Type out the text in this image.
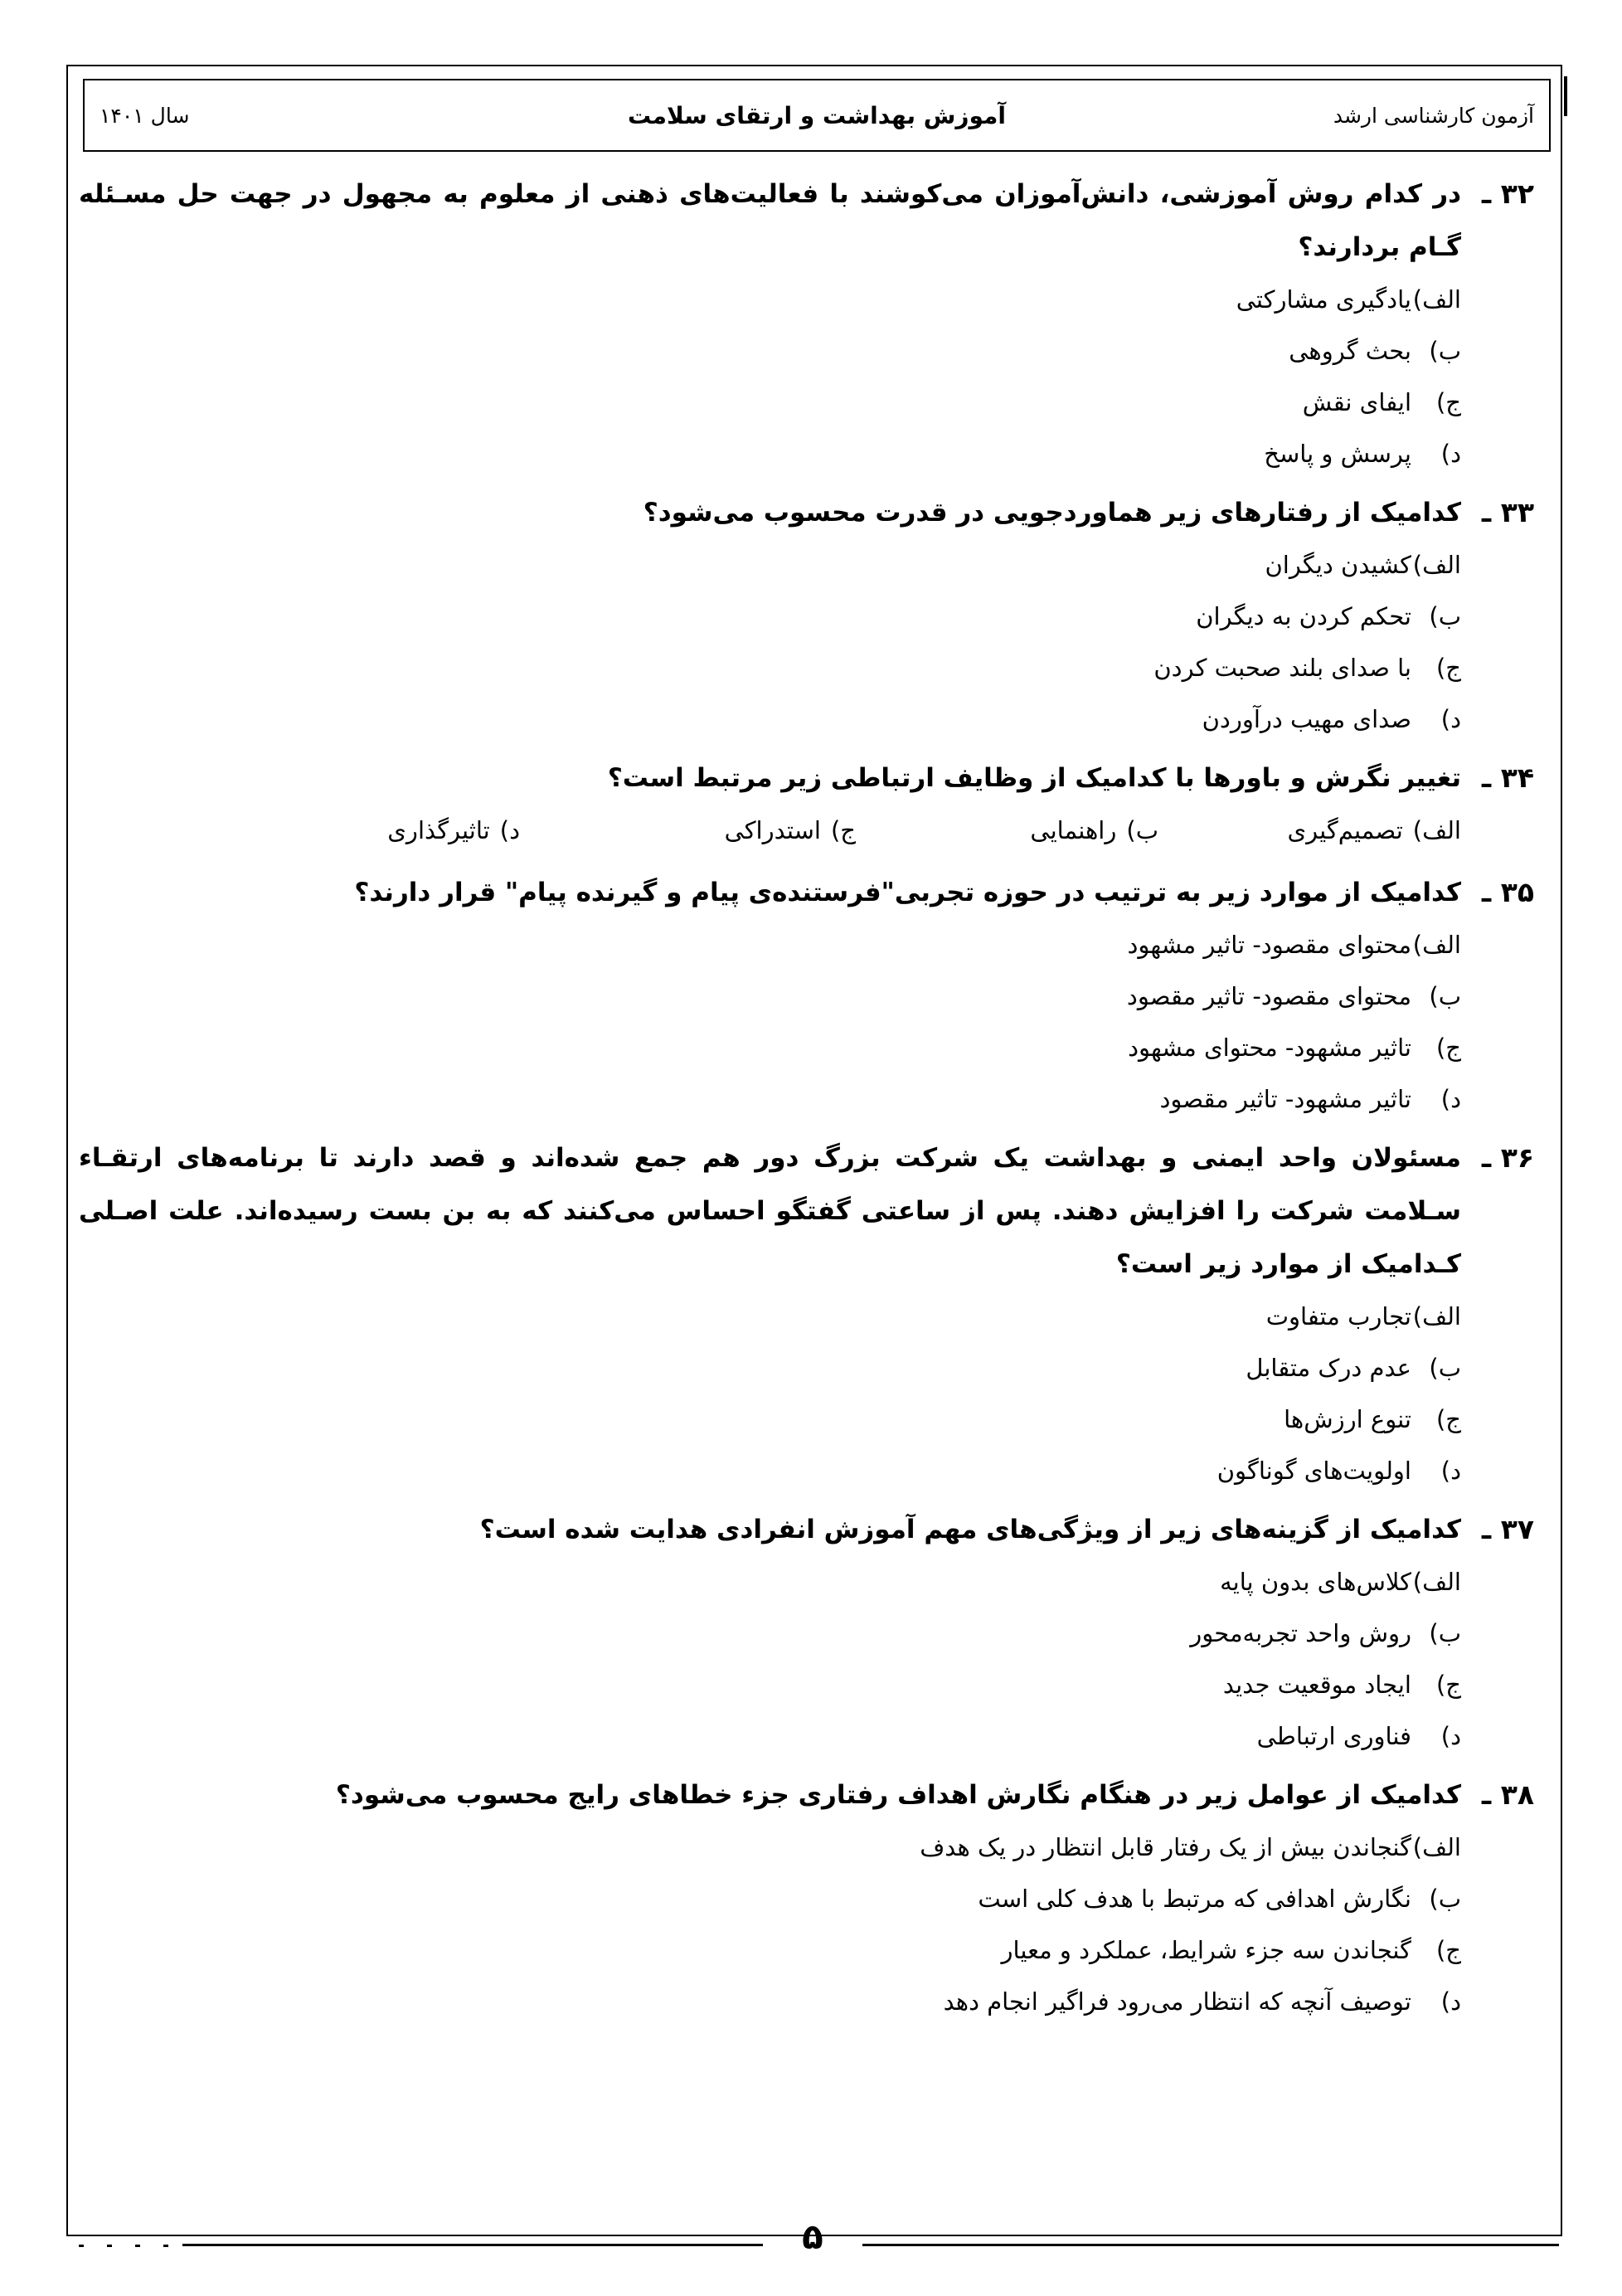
آزمون کارشناسی ارشد
آموزش بهداشت و ارتقای سلامت
سال ۱۴۰۱
۳۲ ـ
در کدام روش آموزشی، دانش‌آموزان می‌کوشند با فعالیت‌های ذهنی از معلوم به مجهول در جهت حل مسـئله گـام بردارند؟
الف)
یادگیری مشارکتی
ب)
بحث گروهی
ج)
ایفای نقش
د)
پرسش و پاسخ
۳۳ ـ
کدامیک از رفتارهای زیر هماوردجویی در قدرت محسوب می‌شود؟
الف)
کشیدن دیگران
ب)
تحکم کردن به دیگران
ج)
با صدای بلند صحبت کردن
د)
صدای مهیب درآوردن
۳۴ ـ
تغییر نگرش و باورها با کدامیک از وظایف ارتباطی زیر مرتبط است؟
الف)
تصمیم‌گیری
ب)
راهنمایی
ج)
استدراکی
د)
تاثیرگذاری
۳۵ ـ
کدامیک از موارد زیر به ترتیب در حوزه تجربی"فرستنده‌ی پیام و گیرنده پیام" قرار دارند؟
الف)
محتوای مقصود- تاثیر مشهود
ب)
محتوای مقصود- تاثیر مقصود
ج)
تاثیر مشهود- محتوای مشهود
د)
تاثیر مشهود- تاثیر مقصود
۳۶ ـ
مسئولان واحد ایمنی و بهداشت یک شرکت بزرگ دور هم جمع شده‌اند و قصد دارند تا برنامه‌های ارتقـاء سـلامت شرکت را افزایش دهند. پس از ساعتی گفتگو احساس می‌کنند که به بن بست رسیده‌اند. علت اصـلی کـدامیک از موارد زیر است؟
الف)
تجارب متفاوت
ب)
عدم درک متقابل
ج)
تنوع ارزش‌ها
د)
اولویت‌های گوناگون
۳۷ ـ
کدامیک از گزینه‌های زیر از ویژگی‌های مهم آموزش انفرادی هدایت شده است؟
الف)
کلاس‌های بدون پایه
ب)
روش واحد تجربه‌محور
ج)
ایجاد موقعیت جدید
د)
فناوری ارتباطی
۳۸ ـ
کدامیک از عوامل زیر در هنگام نگارش اهداف رفتاری جزء خطاهای رایج محسوب می‌شود؟
الف)
گنجاندن بیش از یک رفتار قابل انتظار در یک هدف
ب)
نگارش اهدافی که مرتبط با هدف کلی است
ج)
گنجاندن سه جزء شرایط، عملکرد و معیار
د)
توصیف آنچه که انتظار می‌رود فراگیر انجام دهد
۵
